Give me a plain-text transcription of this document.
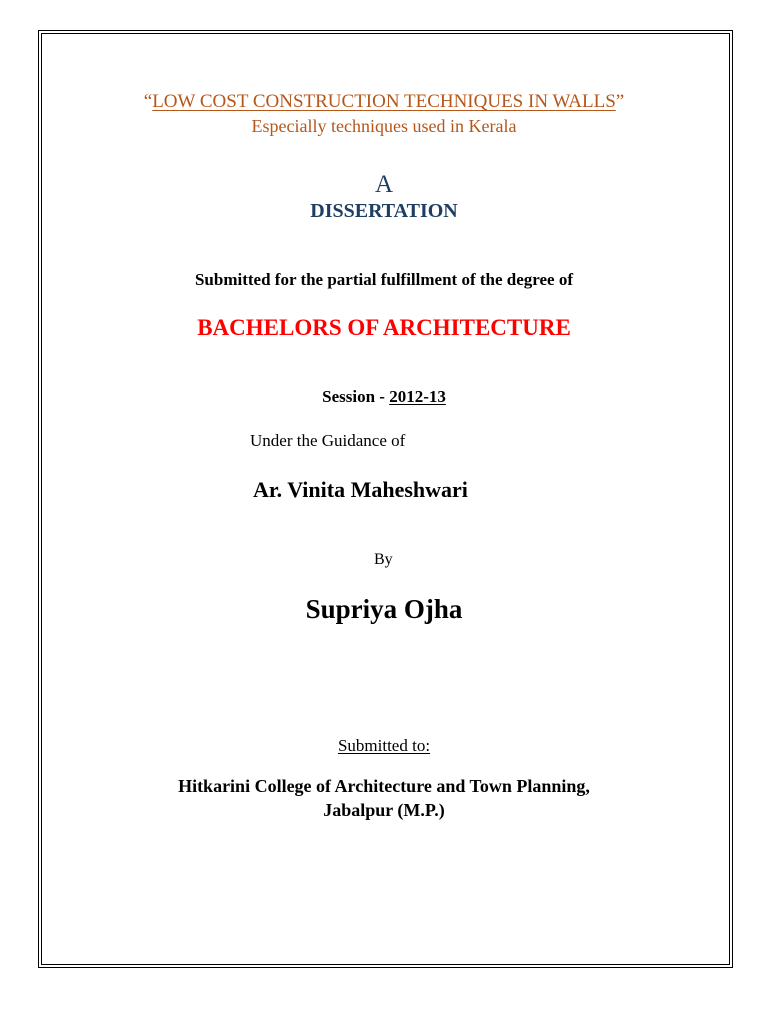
“LOW COST CONSTRUCTION TECHNIQUES IN WALLS”
Especially techniques used in Kerala
A
DISSERTATION
Submitted for the partial fulfillment of the degree of
BACHELORS OF ARCHITECTURE
Session - 2012-13
Under the Guidance of
Ar. Vinita Maheshwari
By
Supriya Ojha
Submitted to:
Hitkarini College of Architecture and Town Planning,
Jabalpur (M.P.)
